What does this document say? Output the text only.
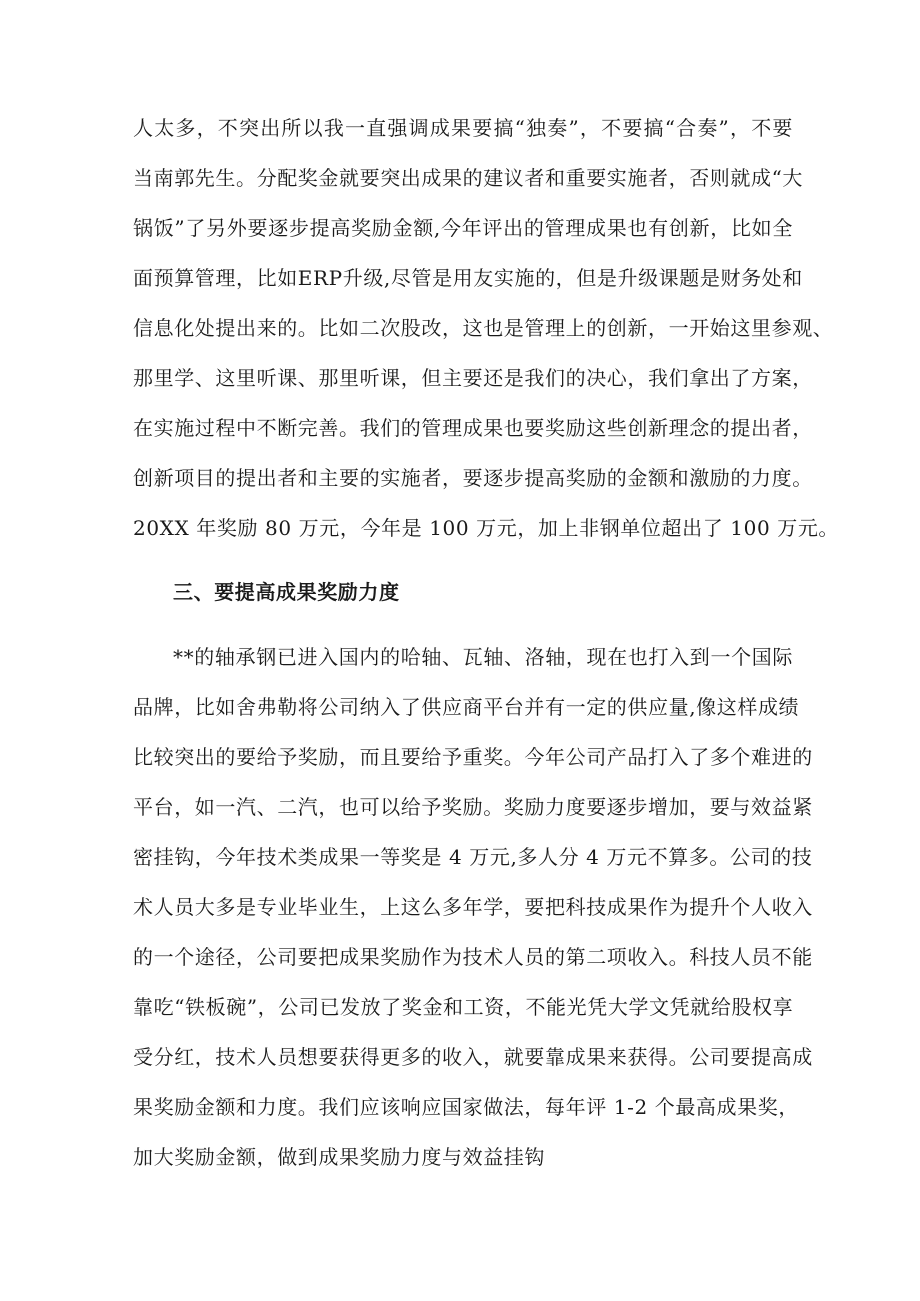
人太多，不突出所以我一直强调成果要搞“独奏”，不要搞“合奏”，不要
当南郭先生。分配奖金就要突出成果的建议者和重要实施者，否则就成“大
锅饭”了另外要逐步提高奖励金额,今年评出的管理成果也有创新，比如全
面预算管理，比如ERP升级,尽管是用友实施的，但是升级课题是财务处和
信息化处提出来的。比如二次股改，这也是管理上的创新，一开始这里参观、
那里学、这里听课、那里听课，但主要还是我们的决心，我们拿出了方案，
在实施过程中不断完善。我们的管理成果也要奖励这些创新理念的提出者，
创新项目的提出者和主要的实施者，要逐步提高奖励的金额和激励的力度。
20XX 年奖励 80 万元，今年是 100 万元，加上非钢单位超出了 100 万元。
三、要提高成果奖励力度
**的轴承钢已进入国内的哈轴、瓦轴、洛轴，现在也打入到一个国际
品牌，比如舍弗勒将公司纳入了供应商平台并有一定的供应量,像这样成绩
比较突出的要给予奖励，而且要给予重奖。今年公司产品打入了多个难进的
平台，如一汽、二汽，也可以给予奖励。奖励力度要逐步增加，要与效益紧
密挂钩，今年技术类成果一等奖是 4 万元,多人分 4 万元不算多。公司的技
术人员大多是专业毕业生，上这么多年学，要把科技成果作为提升个人收入
的一个途径，公司要把成果奖励作为技术人员的第二项收入。科技人员不能
靠吃“铁板碗”，公司已发放了奖金和工资，不能光凭大学文凭就给股权享
受分红，技术人员想要获得更多的收入，就要靠成果来获得。公司要提高成
果奖励金额和力度。我们应该响应国家做法，每年评 1-2 个最高成果奖，
加大奖励金额，做到成果奖励力度与效益挂钩
